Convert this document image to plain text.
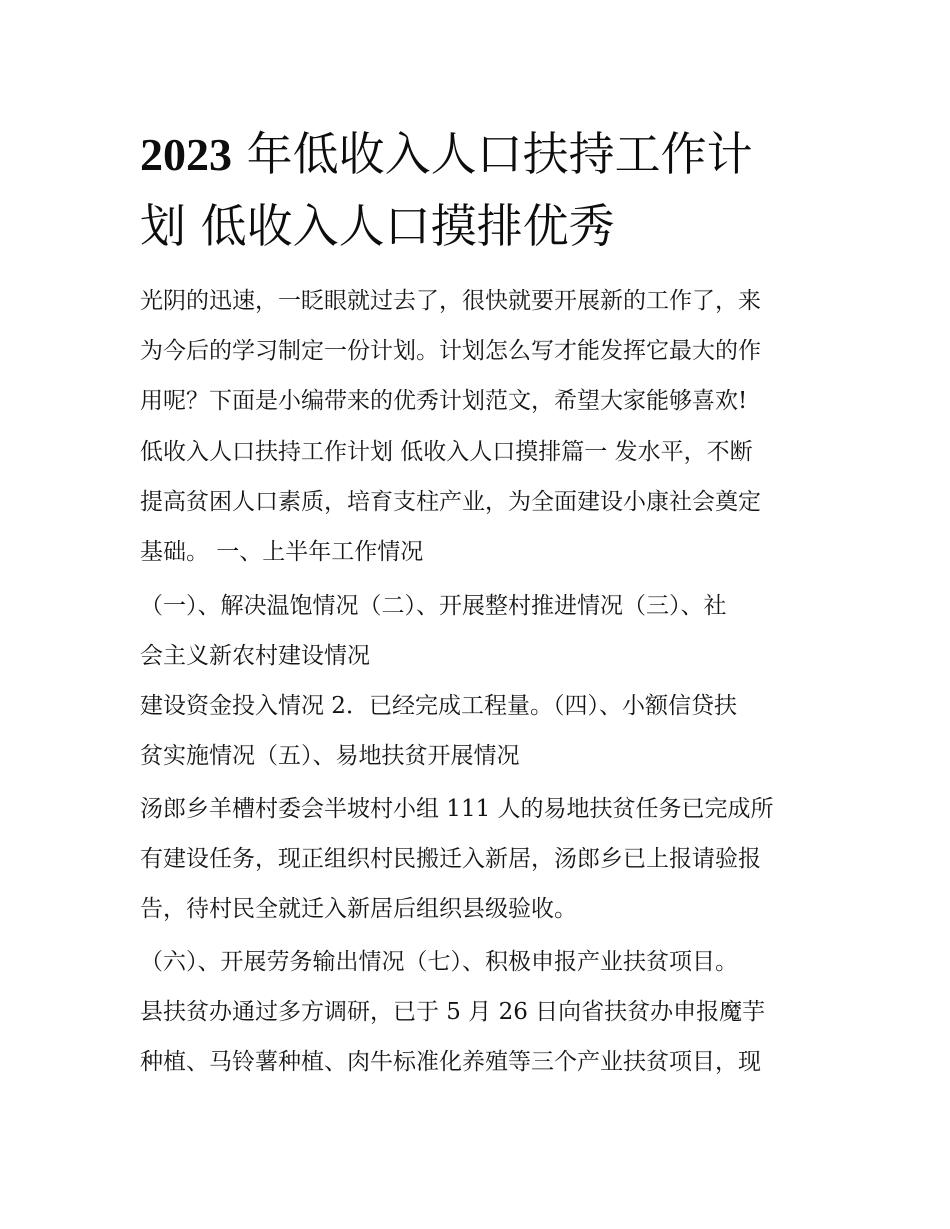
2023 年低收入人口扶持工作计
划 低收入人口摸排优秀
光阴的迅速，一眨眼就过去了，很快就要开展新的工作了，来
为今后的学习制定一份计划。计划怎么写才能发挥它最大的作
用呢？下面是小编带来的优秀计划范文，希望大家能够喜欢!
低收入人口扶持工作计划 低收入人口摸排篇一 发水平，不断
提高贫困人口素质，培育支柱产业，为全面建设小康社会奠定
基础。 一、上半年工作情况
（一）、解决温饱情况（二）、开展整村推进情况（三）、社
会主义新农村建设情况
建设资金投入情况 2．已经完成工程量。（四）、小额信贷扶
贫实施情况（五）、易地扶贫开展情况
汤郎乡羊槽村委会半坡村小组 111 人的易地扶贫任务已完成所
有建设任务，现正组织村民搬迁入新居，汤郎乡已上报请验报
告，待村民全就迁入新居后组织县级验收。
（六）、开展劳务输出情况（七）、积极申报产业扶贫项目。
县扶贫办通过多方调研，已于 5 月 26 日向省扶贫办申报魔芋
种植、马铃薯种植、肉牛标准化养殖等三个产业扶贫项目，现
